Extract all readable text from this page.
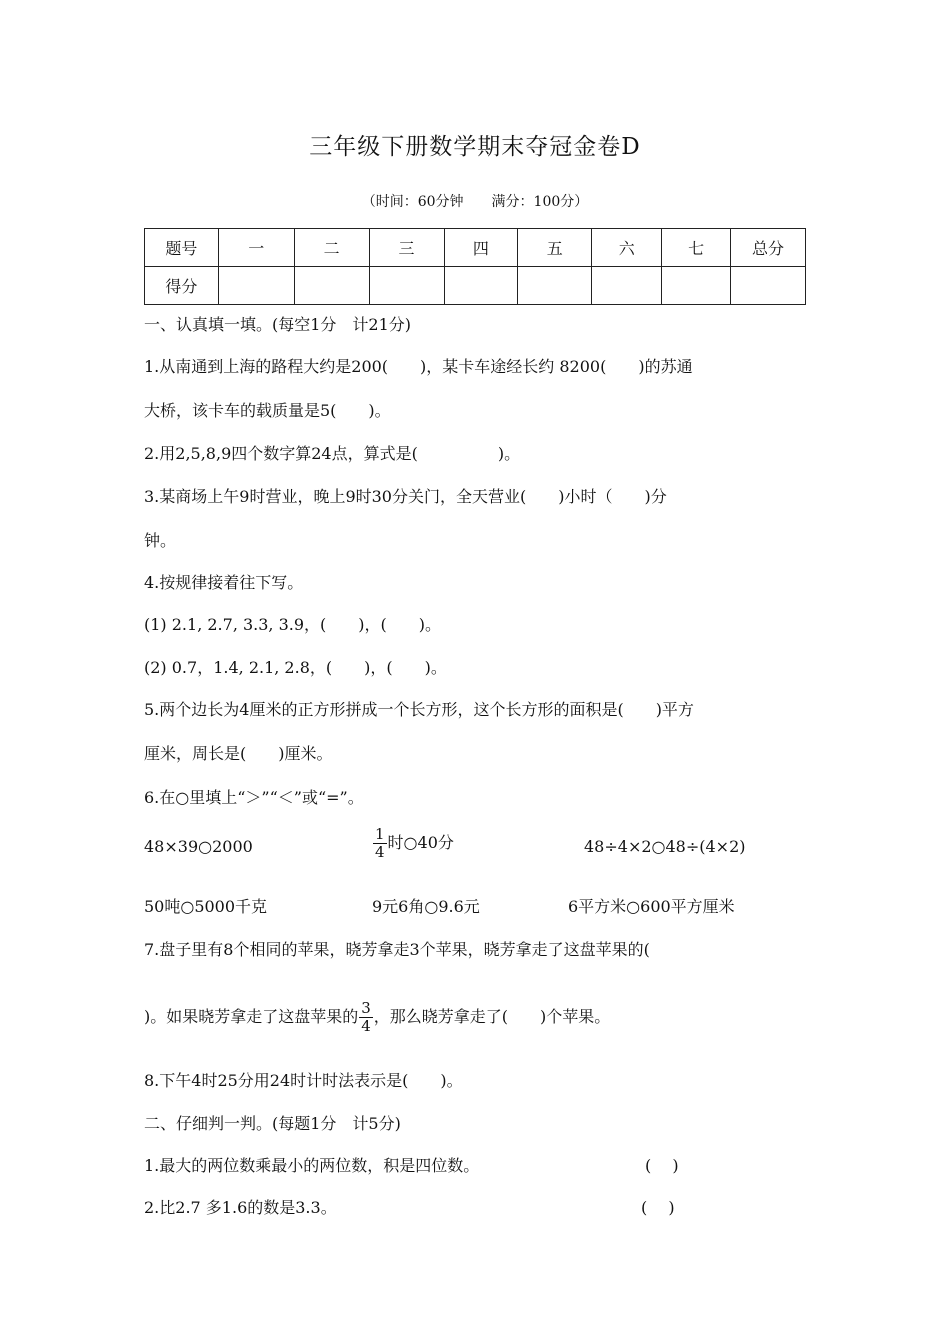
三年级下册数学期末夺冠金卷D
（时间：60分钟　　满分：100分）
题号	一	二	三	四	五	六	七	总分
得分								
一、认真填一填。(每空1分　计21分)
1.从南通到上海的路程大约是200(　　)，某卡车途经长约 8200(　　)的苏通
大桥，该卡车的载质量是5(　　)。
2.用2,5,8,9四个数字算24点，算式是(　　　　　)。
3.某商场上午9时营业，晚上9时30分关门，全天营业(　　)小时（　　)分
钟。
4.按规律接着往下写。
(1) 2.1, 2.7, 3.3, 3.9，(　　)，(　　)。
(2) 0.7，1.4, 2.1, 2.8，(　　)，(　　)。
5.两个边长为4厘米的正方形拼成一个长方形，这个长方形的面积是(　　)平方
厘米，周长是(　　)厘米。
6.在○里填上“＞”“＜”或“=”。
48×39○2000	$\frac{1}{4}$ 时○40分	48÷4×2○48÷(4×2)
50吨○5000千克	9元6角○9.6元	6平方米○600平方厘米
7.盘子里有8个相同的苹果，晓芳拿走3个苹果，晓芳拿走了这盘苹果的(
)。如果晓芳拿走了这盘苹果的 $\frac{3}{4}$ ，那么晓芳拿走了(　　)个苹果。
8.下午4时25分用24时计时法表示是(　　)。
二、仔细判一判。(每题1分　计5分)
1.最大的两位数乘最小的两位数，积是四位数。	(　 )
2.比2.7 多1.6的数是3.3。	(　 )
